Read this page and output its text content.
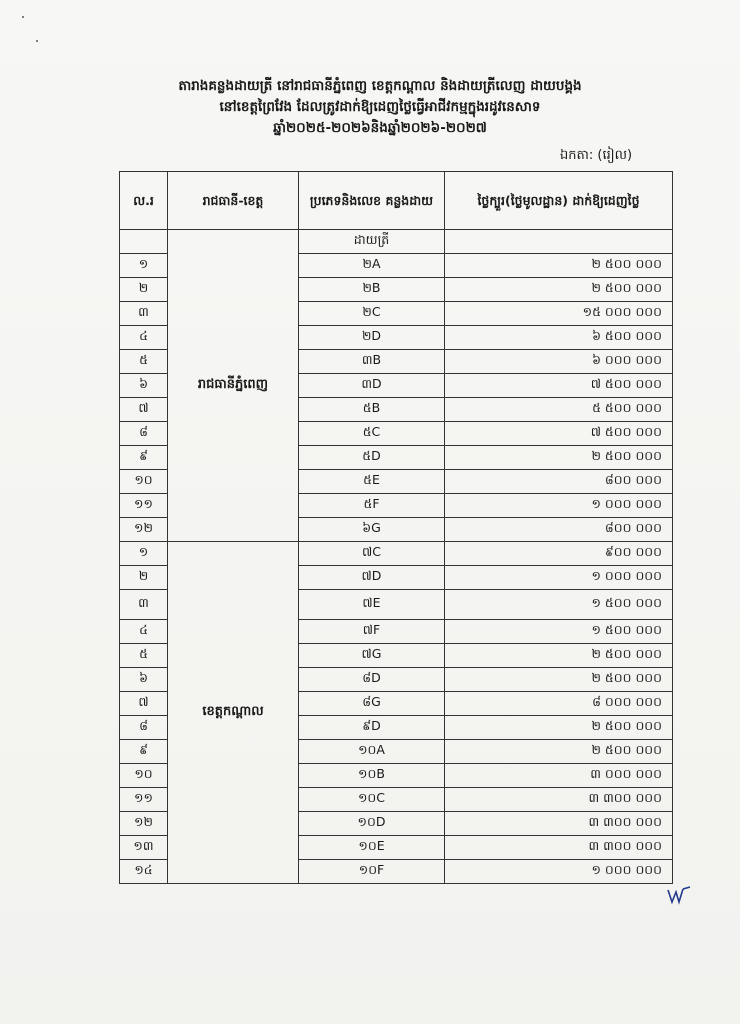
តារាងគន្លងដាយត្រី នៅរាជធានីភ្នំពេញ ខេត្តកណ្ដាល និងដាយត្រីលេញ ដាយបង្គង
នៅខេត្តព្រៃវែង ដែលត្រូវដាក់ឱ្យដេញថ្លៃធ្វើអាជីវកម្មក្នុងរដូវនេសាទ
ឆ្នាំ២០២៥-២០២៦និងឆ្នាំ២០២៦-២០២៧
ឯកតា: (រៀល)
ល.រ	រាជធានី-ខេត្ត	ប្រភេទនិងលេខ គន្លងដាយ	ថ្លៃក្បួរ(ថ្លៃមូលដ្ឋាន) ដាក់ឱ្យដេញថ្លៃ
	រាជធានីភ្នំពេញ	ដាយត្រី	
១		២A	២ ៥០០ ០០០
២		២B	២ ៥០០ ០០០
៣		២C	១៥ ០០០ ០០០
៤		២D	៦ ៥០០ ០០០
៥		៣B	៦ ០០០ ០០០
៦		៣D	៧ ៥០០ ០០០
៧		៥B	៥ ៥០០ ០០០
៨		៥C	៧ ៥០០ ០០០
៩		៥D	២ ៥០០ ០០០
១០		៥E	៨០០ ០០០
១១		៥F	១ ០០០ ០០០
១២		៦G	៨០០ ០០០
១	ខេត្តកណ្ដាល	៧C	៩០០ ០០០
២		៧D	១ ០០០ ០០០
៣		៧E	១ ៥០០ ០០០
៤		៧F	១ ៥០០ ០០០
៥		៧G	២ ៥០០ ០០០
៦		៨D	២ ៥០០ ០០០
៧		៨G	៨ ០០០ ០០០
៨		៩D	២ ៥០០ ០០០
៩		១០A	២ ៥០០ ០០០
១០		១០B	៣ ០០០ ០០០
១១		១០C	៣ ៣០០ ០០០
១២		១០D	៣ ៣០០ ០០០
១៣		១០E	៣ ៣០០ ០០០
១៤		១០F	១ ០០០ ០០០
